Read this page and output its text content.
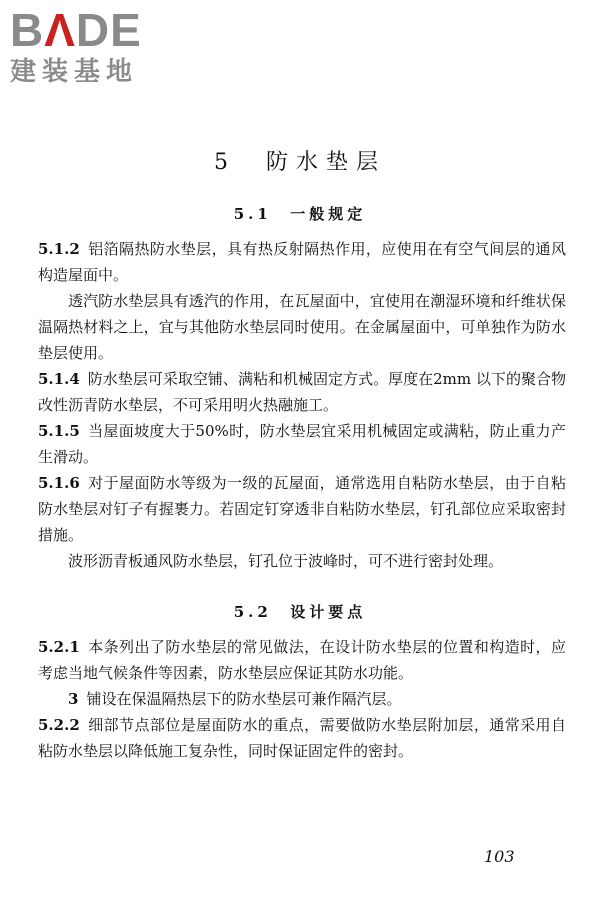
BΛDE
建装基地
5 防水垫层
5.1 一般规定

5.1.2 铝箔隔热防水垫层，具有热反射隔热作用，应使用在有空气间层的通风构造屋面中。

透汽防水垫层具有透汽的作用，在瓦屋面中，宜使用在潮湿环境和纤维状保温隔热材料之上，宜与其他防水垫层同时使用。在金属屋面中，可单独作为防水垫层使用。

5.1.4 防水垫层可采取空铺、满粘和机械固定方式。厚度在2mm 以下的聚合物改性沥青防水垫层，不可采用明火热融施工。

5.1.5 当屋面坡度大于50%时，防水垫层宜采用机械固定或满粘，防止重力产生滑动。

5.1.6 对于屋面防水等级为一级的瓦屋面，通常选用自粘防水垫层，由于自粘防水垫层对钉子有握裹力。若固定钉穿透非自粘防水垫层，钉孔部位应采取密封措施。

波形沥青板通风防水垫层，钉孔位于波峰时，可不进行密封处理。

5.2 设计要点

5.2.1 本条列出了防水垫层的常见做法，在设计防水垫层的位置和构造时，应考虑当地气候条件等因素，防水垫层应保证其防水功能。

3 铺设在保温隔热层下的防水垫层可兼作隔汽层。

5.2.2 细部节点部位是屋面防水的重点，需要做防水垫层附加层，通常采用自粘防水垫层以降低施工复杂性，同时保证固定件的密封。

103
